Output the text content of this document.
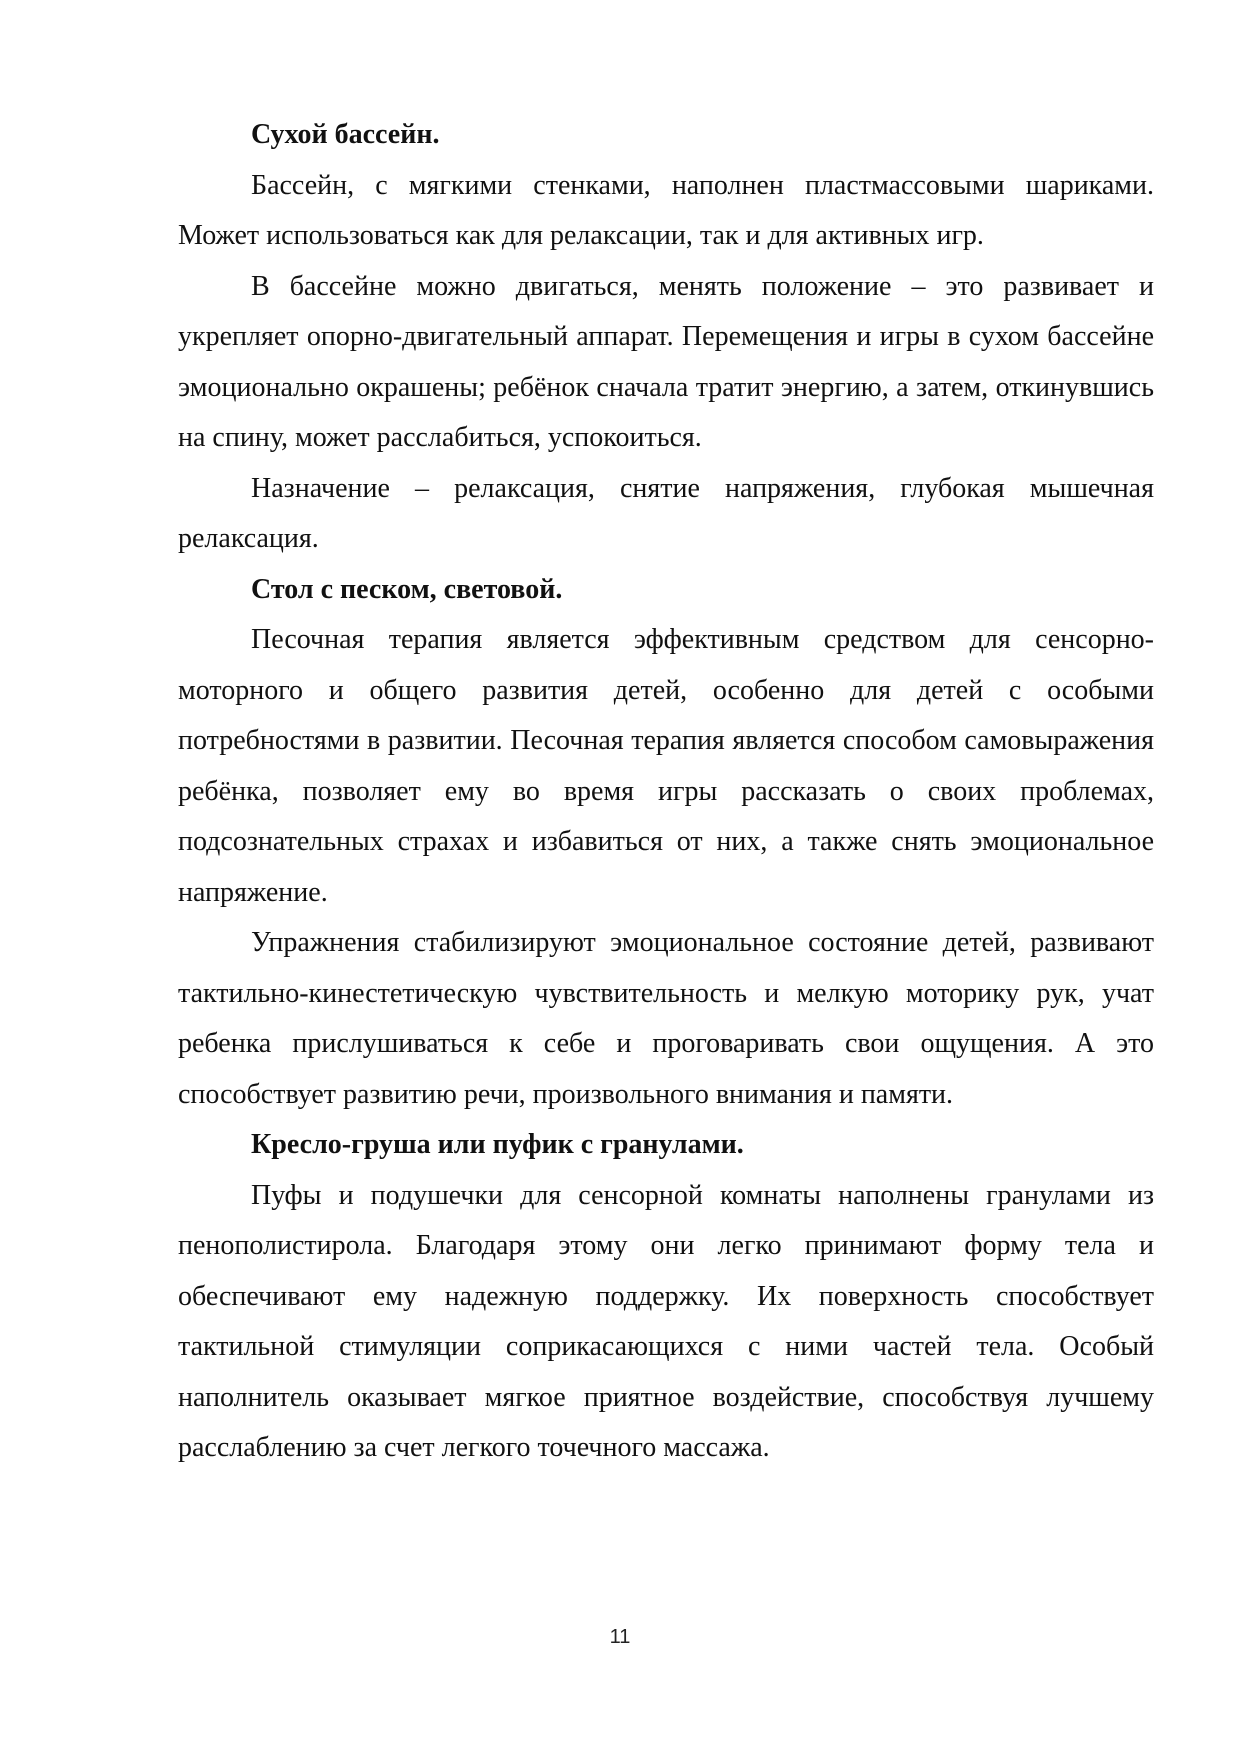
Сухой бассейн.

Бассейн, с мягкими стенками, наполнен пластмассовыми шариками. Может использоваться как для релаксации, так и для активных игр.

В бассейне можно двигаться, менять положение – это развивает и укрепляет опорно-двигательный аппарат. Перемещения и игры в сухом бассейне эмоционально окрашены; ребёнок сначала тратит энергию, а затем, откинувшись на спину, может расслабиться, успокоиться.

Назначение – релаксация, снятие напряжения, глубокая мышечная релаксация.

Стол с песком, световой.

Песочная терапия является эффективным средством для сенсорно-моторного и общего развития детей, особенно для детей с особыми потребностями в развитии. Песочная терапия является способом самовыражения ребёнка, позволяет ему во время игры рассказать о своих проблемах, подсознательных страхах и избавиться от них, а также снять эмоциональное напряжение.

Упражнения стабилизируют эмоциональное состояние детей, развивают тактильно-кинестетическую чувствительность и мелкую моторику рук, учат ребенка прислушиваться к себе и проговаривать свои ощущения. А это способствует развитию речи, произвольного внимания и памяти.

Кресло-груша или пуфик с гранулами.

Пуфы и подушечки для сенсорной комнаты наполнены гранулами из пенополистирола. Благодаря этому они легко принимают форму тела и обеспечивают ему надежную поддержку. Их поверхность способствует тактильной стимуляции соприкасающихся с ними частей тела. Особый наполнитель оказывает мягкое приятное воздействие, способствуя лучшему расслаблению за счет легкого точечного массажа.

11
